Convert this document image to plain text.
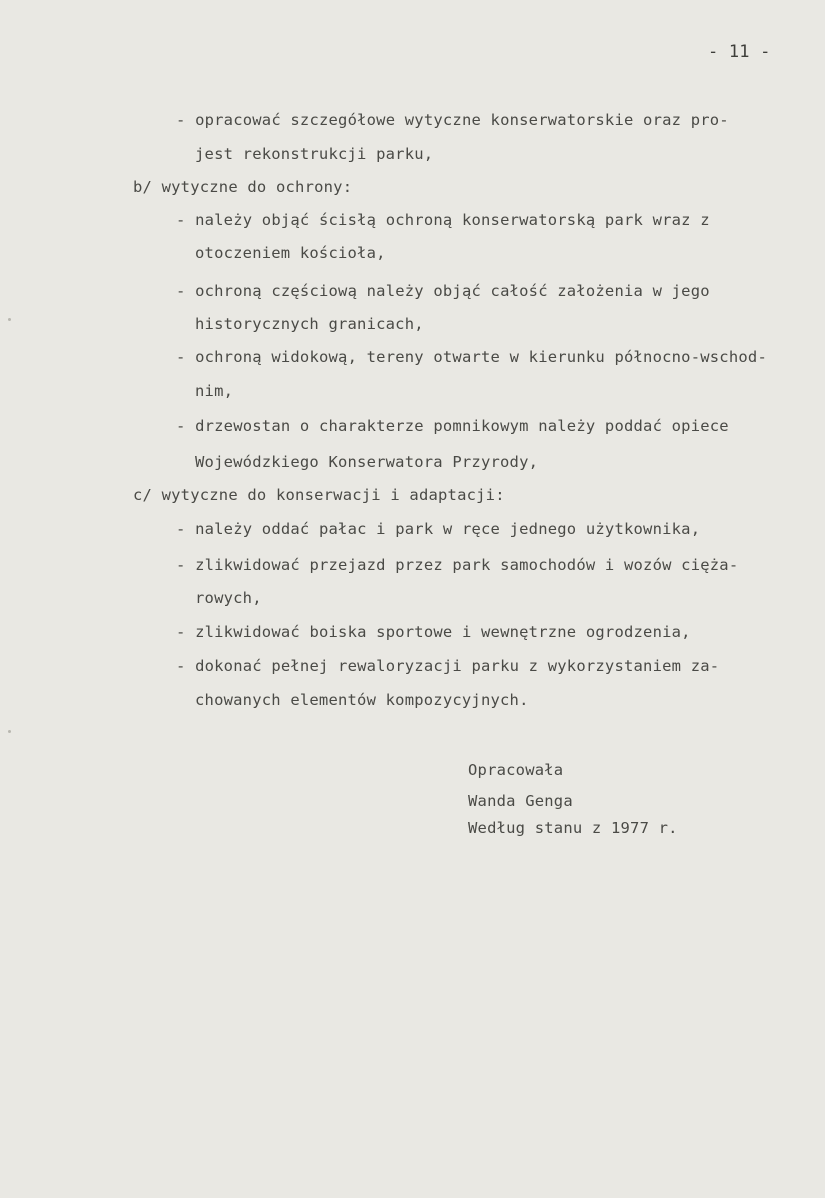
- 11 -
- opracować szczegółowe wytyczne konserwatorskie oraz pro-
jest rekonstrukcji parku,
b/ wytyczne do ochrony:
- należy objąć ścisłą ochroną konserwatorską park wraz z
otoczeniem kościoła,
- ochroną częściową należy objąć całość założenia w jego
historycznych granicach,
- ochroną widokową, tereny otwarte w kierunku północno-wschod-
nim,
- drzewostan o charakterze pomnikowym należy poddać opiece
Wojewódzkiego Konserwatora Przyrody,
c/ wytyczne do konserwacji i adaptacji:
- należy oddać pałac i park w ręce jednego użytkownika,
- zlikwidować przejazd przez park samochodów i wozów cięża-
rowych,
- zlikwidować boiska sportowe i wewnętrzne ogrodzenia,
- dokonać pełnej rewaloryzacji parku z wykorzystaniem za-
chowanych elementów kompozycyjnych.
Opracowała
Wanda Genga
Według stanu z 1977 r.
